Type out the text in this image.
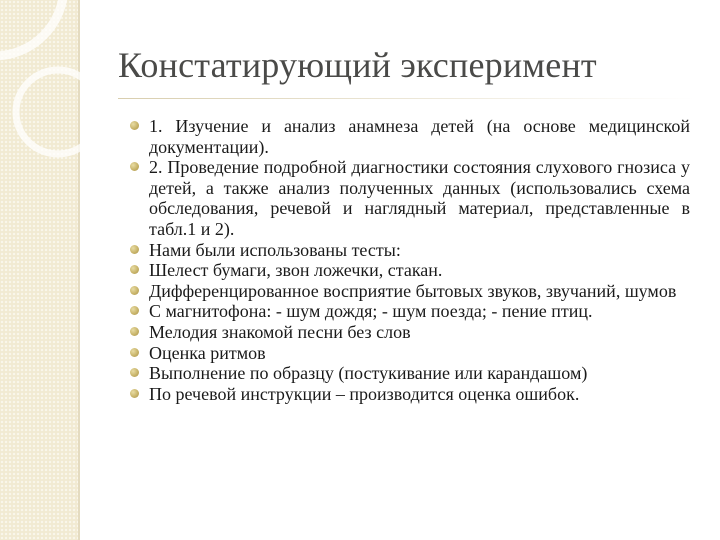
Констатирующий эксперимент
1. Изучение и анализ анамнеза детей (на основе медицинской документации).
2. Проведение подробной диагностики состояния слухового гнозиса у детей, а также анализ полученных данных (использовались схема обследования, речевой и наглядный материал, представленные в табл.1 и 2).
Нами были использованы тесты:
Шелест бумаги, звон ложечки, стакан.
Дифференцированное восприятие бытовых звуков, звучаний, шумов
С магнитофона: - шум дождя; - шум поезда; - пение птиц.
Мелодия знакомой песни без слов
Оценка ритмов
Выполнение по образцу (постукивание или карандашом)
По речевой инструкции – производится оценка ошибок.
